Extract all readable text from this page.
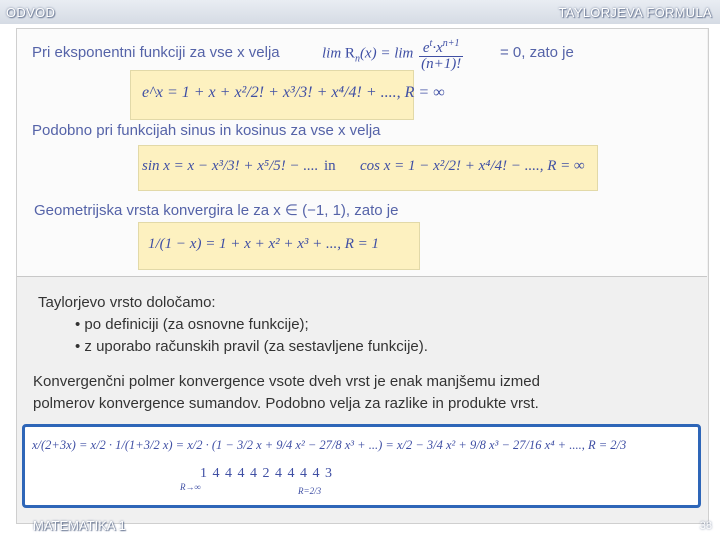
ODVOD	TAYLORJEVA FORMULA
Pri eksponentni funkciji za vse x velja	$\lim R_n(x) = \lim \frac{e^t\cdot x^{n+1}}{(n+1)!} = 0$, zato je
e^x = 1 + x + x²/2! + x³/3! + x⁴/4! + ...., R = ∞
Podobno pri funkcijah sinus in kosinus za vse x velja
sin x = x − x³/3! + x⁵/5! − .... in cos x = 1 − x²/2! + x⁴/4! − ...., R = ∞
Geometrijska vrsta konvergira le za x ∈ (−1, 1), zato je
1/(1 − x) = 1 + x + x² + x³ + ..., R = 1
Taylorjevo vrsto določamo:
• po definiciji (za osnovne funkcije);
• z uporabo računskih pravil (za sestavljene funkcije).
Konvergenčni polmer konvergence vsote dveh vrst je enak manjšemu izmed
polmerov konvergence sumandov. Podobno velja za razlike in produkte vrst.
x/(2+3x) = x/2 · 1/(1+3/2 x) = x/2 · (1 − 3/2 x + 9/4 x² − 27/8 x³ + ...) = x/2 − 3/4 x² + 9/8 x³ − 27/16 x⁴ + ...., R = 2/3
1 4 4 4 4 2 4 4 4 4 3
R→∞	R=2/3
MATEMATIKA 1	38
